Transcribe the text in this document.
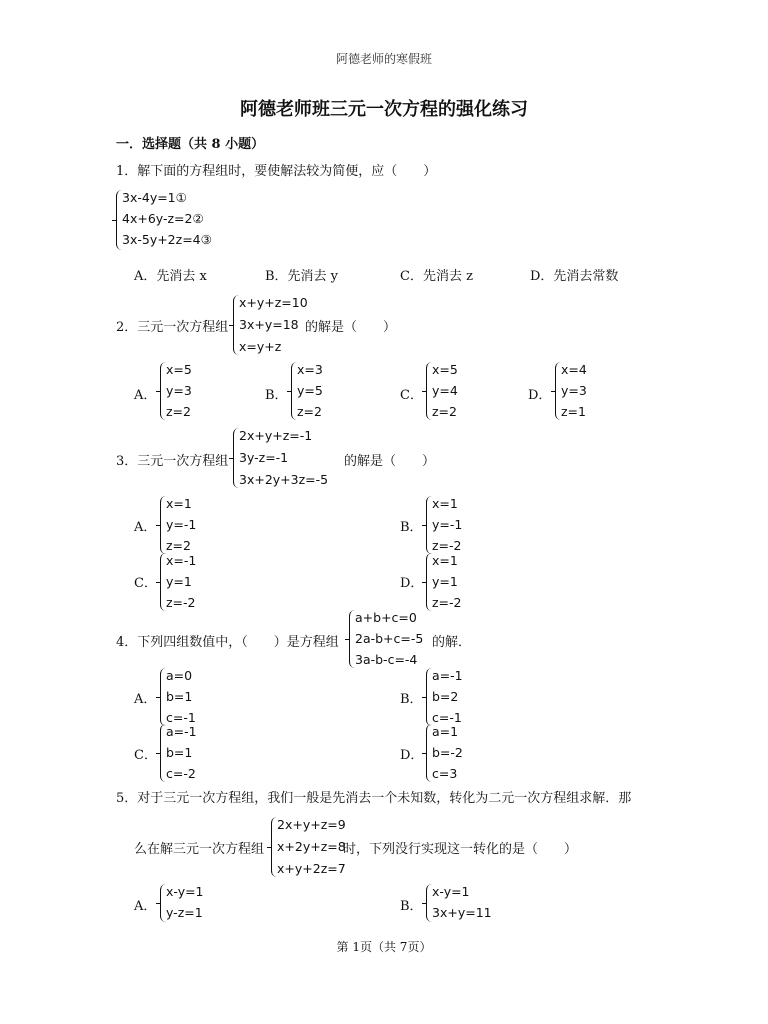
阿德老师的寒假班
阿德老师班三元一次方程的强化练习
一．选择题（共 8 小题）
1．解下面的方程组时，要使解法较为简便，应（　　）
3x-4y=1①
4x+6y-z=2②
3x-5y+2z=4③
A．先消去 x	B．先消去 y	C．先消去 z	D．先消去常数
2．三元一次方程组
x+y+z=10
3x+y=18
x=y+z
的解是（　　）
A．
x=5
y=3
z=2
B．
x=3
y=5
z=2
C．
x=5
y=4
z=2
D．
x=4
y=3
z=1
3．三元一次方程组
2x+y+z=-1
3y-z=-1
3x+2y+3z=-5
的解是（　　）
A．
x=1
y=-1
z=2
B．
x=1
y=-1
z=-2
C．
x=-1
y=1
z=-2
D．
x=1
y=1
z=-2
4．下列四组数值中，（　　）是方程组
a+b+c=0
2a-b+c=-5
3a-b-c=-4
的解．
A．
a=0
b=1
c=-1
B．
a=-1
b=2
c=-1
C．
a=-1
b=1
c=-2
D．
a=1
b=-2
c=3
5．对于三元一次方程组，我们一般是先消去一个未知数，转化为二元一次方程组求解．那
么在解三元一次方程组
2x+y+z=9
x+2y+z=8
x+y+2z=7
时，下列没行实现这一转化的是（　　）
A．
x-y=1
y-z=1	B．
x-y=1
3x+y=11
第 1页（共 7页）
